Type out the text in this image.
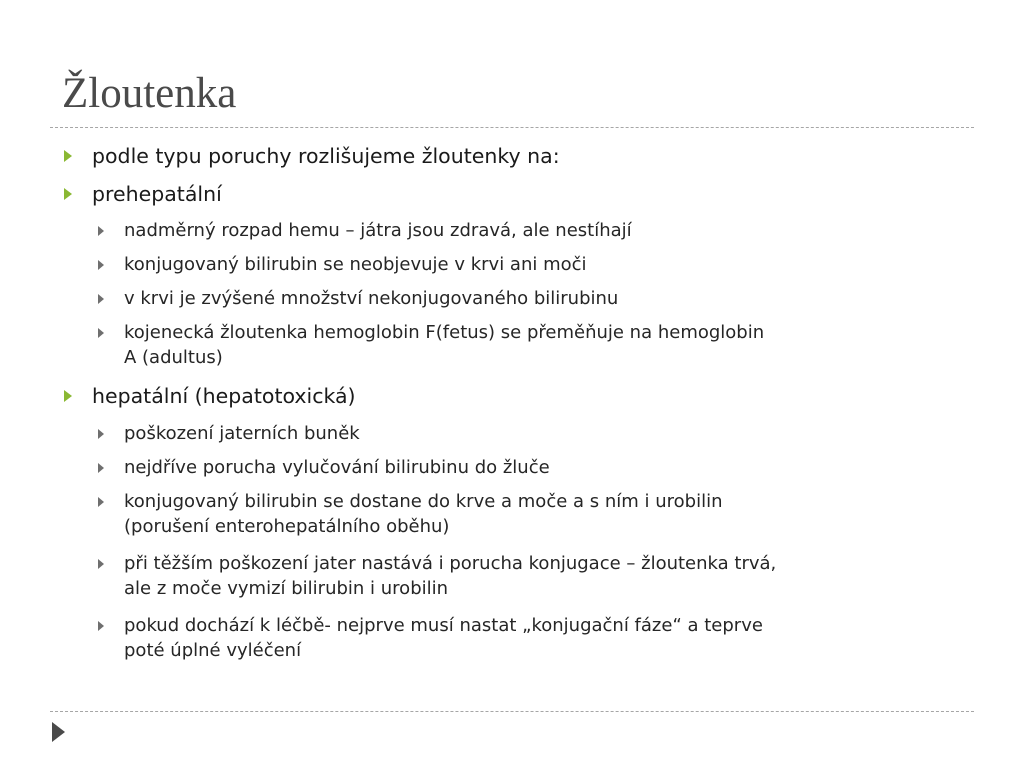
Žloutenka
podle typu poruchy rozlišujeme žloutenky na:
prehepatální
nadměrný rozpad hemu – játra jsou zdravá, ale nestíhají
konjugovaný bilirubin se neobjevuje v krvi ani moči
v krvi je zvýšené množství nekonjugovaného bilirubinu
kojenecká žloutenka hemoglobin F(fetus) se přeměňuje na hemoglobin
A (adultus)
hepatální (hepatotoxická)
poškození jaterních buněk
nejdříve porucha vylučování bilirubinu do žluče
konjugovaný bilirubin se dostane do krve a moče a s ním i urobilin
(porušení enterohepatálního oběhu)
při těžším poškození jater nastává i porucha konjugace – žloutenka trvá,
ale z moče vymizí bilirubin i urobilin
pokud dochází k léčbě- nejprve musí nastat „konjugační fáze“ a teprve
poté úplné vyléčení
